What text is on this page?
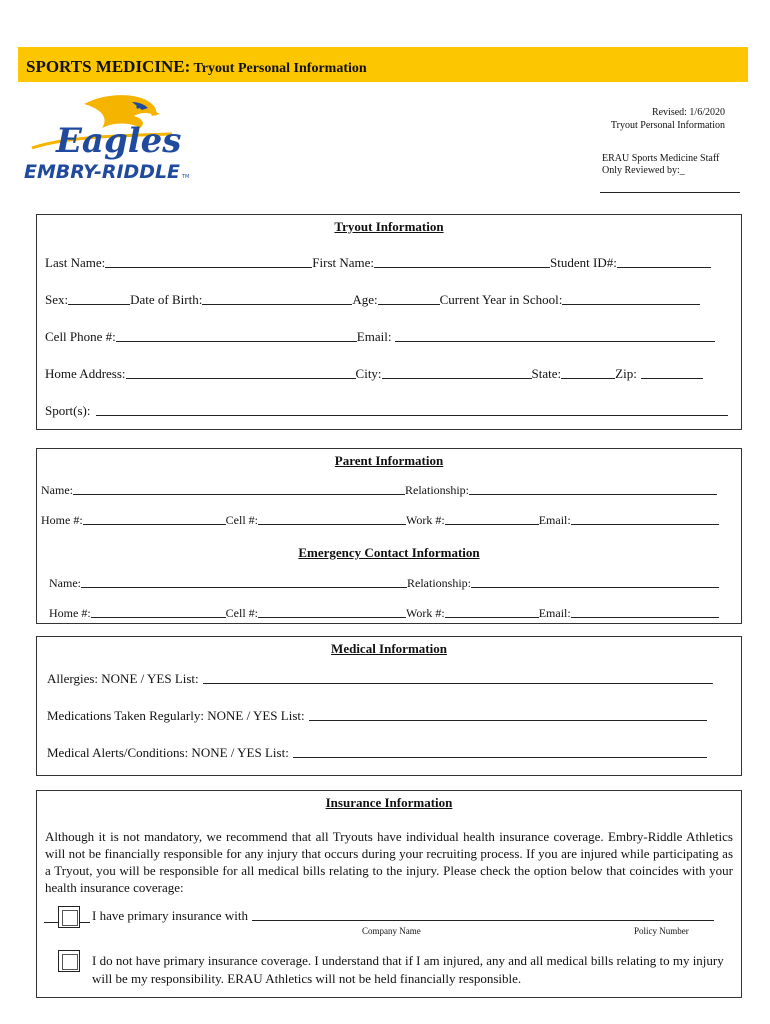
SPORTS MEDICINE: Tryout Personal Information
Eagles
EMBRY-RIDDLE TM
Revised: 1/6/2020
Tryout Personal Information
ERAU Sports Medicine Staff
Only Reviewed by:_
Tryout Information
Last Name:	First Name:	Student ID#:
Sex:	Date of Birth:	Age:	Current Year in School:
Cell Phone #:	Email:
Home Address:	City:	State:	Zip:
Sport(s):
Parent Information
Name:	Relationship:
Home #:	Cell #:	Work #:	Email:
Emergency Contact Information
Name:	Relationship:
Home #:	Cell #:	Work #:	Email:
Medical Information
Allergies: NONE / YES List:
Medications Taken Regularly: NONE / YES List:
Medical Alerts/Conditions: NONE / YES List:
Insurance Information
Although it is not mandatory, we recommend that all Tryouts have individual health insurance coverage. Embry-Riddle Athletics will not be financially responsible for any injury that occurs during your recruiting process. If you are injured while participating as a Tryout, you will be responsible for all medical bills relating to the injury. Please check the option below that coincides with your health insurance coverage:
I have primary insurance with
Company Name	Policy Number
I do not have primary insurance coverage. I understand that if I am injured, any and all medical bills relating to my injury will be my responsibility. ERAU Athletics will not be held financially responsible.
